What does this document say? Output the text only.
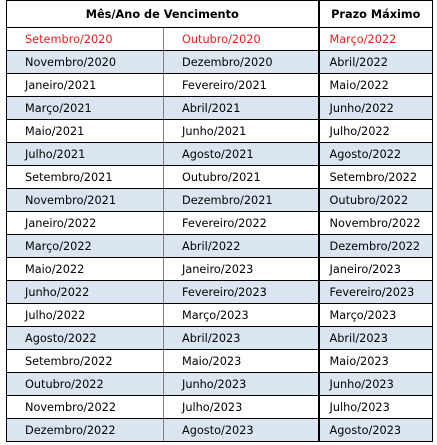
Mês/Ano de Vencimento		Prazo Máximo
Setembro/2020	Outubro/2020	Março/2022
Novembro/2020	Dezembro/2020	Abril/2022
Janeiro/2021	Fevereiro/2021	Maio/2022
Março/2021	Abril/2021	Junho/2022
Maio/2021	Junho/2021	Julho/2022
Julho/2021	Agosto/2021	Agosto/2022
Setembro/2021	Outubro/2021	Setembro/2022
Novembro/2021	Dezembro/2021	Outubro/2022
Janeiro/2022	Fevereiro/2022	Novembro/2022
Março/2022	Abril/2022	Dezembro/2022
Maio/2022	Janeiro/2023	Janeiro/2023
Junho/2022	Fevereiro/2023	Fevereiro/2023
Julho/2022	Março/2023	Março/2023
Agosto/2022	Abril/2023	Abril/2023
Setembro/2022	Maio/2023	Maio/2023
Outubro/2022	Junho/2023	Junho/2023
Novembro/2022	Julho/2023	Julho/2023
Dezembro/2022	Agosto/2023	Agosto/2023
